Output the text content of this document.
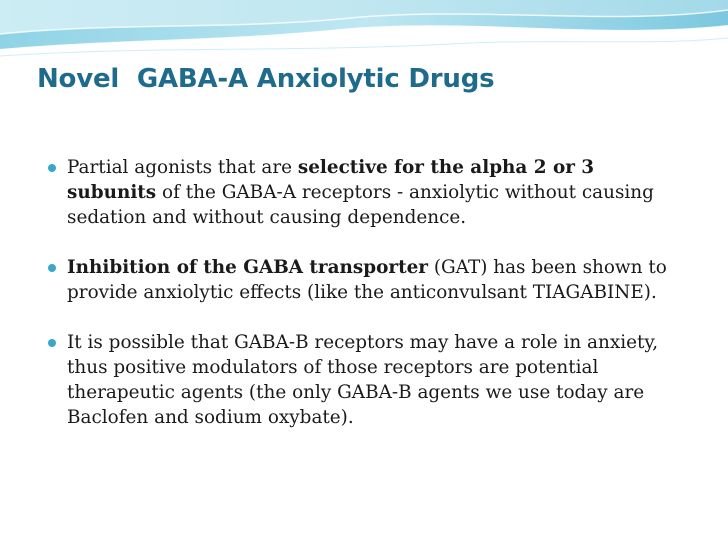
Novel  GABA-A Anxiolytic Drugs
Partial agonists that are selective for the alpha 2 or 3 subunits of the GABA-A receptors - anxiolytic without causing sedation and without causing dependence.
Inhibition of the GABA transporter (GAT) has been shown to provide anxiolytic effects (like the anticonvulsant TIAGABINE).
It is possible that GABA-B receptors may have a role in anxiety, thus positive modulators of those receptors are potential therapeutic agents (the only GABA-B agents we use today are Baclofen and sodium oxybate).
